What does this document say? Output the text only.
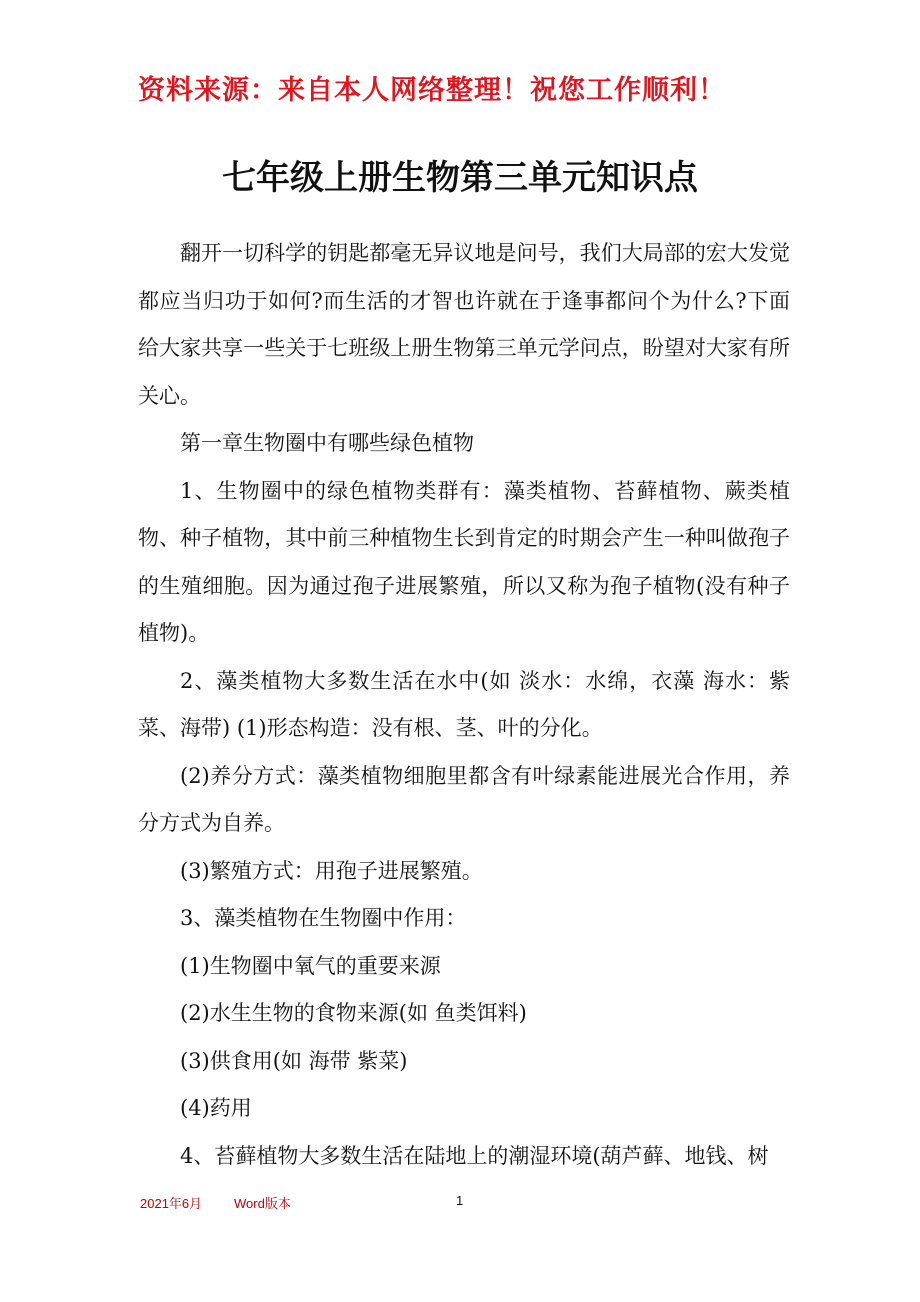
资料来源：来自本人网络整理！祝您工作顺利！
七年级上册生物第三单元知识点

翻开一切科学的钥匙都毫无异议地是问号，我们大局部的宏大发觉都应当归功于如何?而生活的才智也许就在于逢事都问个为什么?下面给大家共享一些关于七班级上册生物第三单元学问点，盼望对大家有所关心。

第一章生物圈中有哪些绿色植物

1、生物圈中的绿色植物类群有：藻类植物、苔藓植物、蕨类植物、种子植物，其中前三种植物生长到肯定的时期会产生一种叫做孢子的生殖细胞。因为通过孢子进展繁殖，所以又称为孢子植物(没有种子植物)。

2、藻类植物大多数生活在水中(如 淡水：水绵，衣藻 海水：紫菜、海带) (1)形态构造：没有根、茎、叶的分化。

(2)养分方式：藻类植物细胞里都含有叶绿素能进展光合作用，养分方式为自养。

(3)繁殖方式：用孢子进展繁殖。

3、藻类植物在生物圈中作用：

(1)生物圈中氧气的重要来源

(2)水生生物的食物来源(如 鱼类饵料)

(3)供食用(如 海带 紫菜)

(4)药用

4、苔藓植物大多数生活在陆地上的潮湿环境(葫芦藓、地钱、树

2021年6月 Word版本	1
